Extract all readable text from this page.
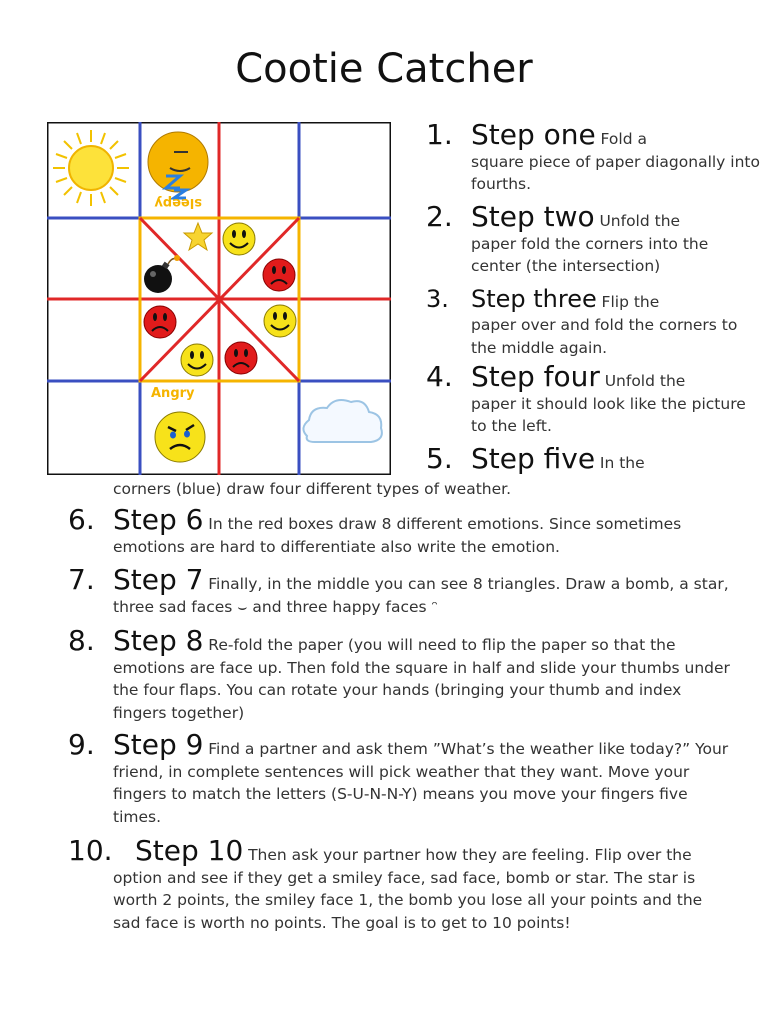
Cootie Catcher
sleepy
Angry
1. Step one Fold a
square piece of paper diagonally into fourths.
2. Step two Unfold the
paper fold the corners into the center (the intersection)
3. Step three Flip the
paper over and fold the corners to the middle again.
4. Step four Unfold the
paper it should look like the picture to the left.
5. Step five In the
corners (blue) draw four different types of weather.
6. Step 6 In the red boxes draw 8 different emotions. Since sometimes emotions are hard to differentiate also write the emotion.
7. Step 7 Finally, in the middle you can see 8 triangles. Draw a bomb, a star, three sad faces ⌣ and three happy faces ᵔ
8. Step 8 Re-fold the paper (you will need to flip the paper so that the emotions are face up. Then fold the square in half and slide your thumbs under the four flaps. You can rotate your hands (bringing your thumb and index fingers together)
9. Step 9 Find a partner and ask them ”What’s the weather like today?” Your friend, in complete sentences will pick weather that they want. Move your fingers to match the letters (S-U-N-N-Y) means you move your fingers five times.
10. Step 10 Then ask your partner how they are feeling. Flip over the option and see if they get a smiley face, sad face, bomb or star. The star is worth 2 points, the smiley face 1, the bomb you lose all your points and the sad face is worth no points. The goal is to get to 10 points!
